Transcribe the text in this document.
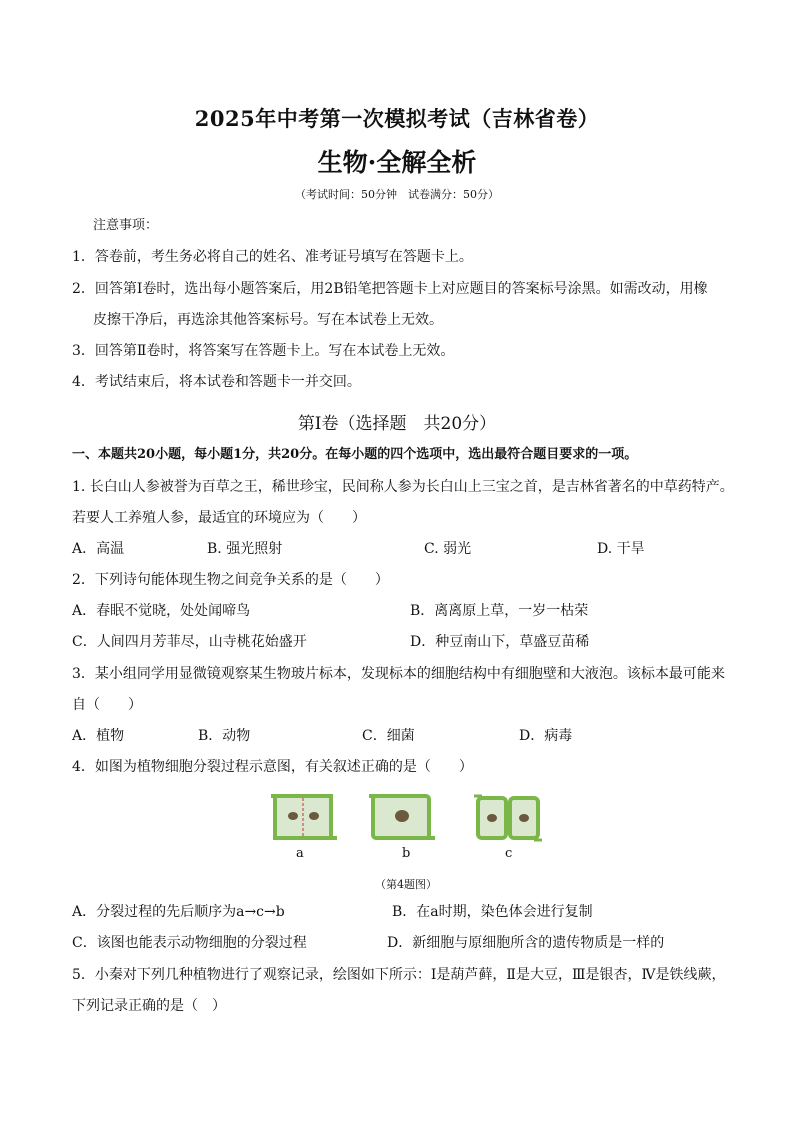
2025年中考第一次模拟考试（吉林省卷）
生物·全解全析
（考试时间：50分钟　试卷满分：50分）
注意事项：
1．答卷前，考生务必将自己的姓名、准考证号填写在答题卡上。
2．回答第Ⅰ卷时，选出每小题答案后，用2B铅笔把答题卡上对应题目的答案标号涂黑。如需改动，用橡
皮擦干净后，再选涂其他答案标号。写在本试卷上无效。
3．回答第Ⅱ卷时，将答案写在答题卡上。写在本试卷上无效。
4．考试结束后，将本试卷和答题卡一并交回。
第Ⅰ卷（选择题　共20分）
一、本题共20小题，每小题1分，共20分。在每小题的四个选项中，选出最符合题目要求的一项。
1. 长白山人参被誉为百草之王，稀世珍宝，民间称人参为长白山上三宝之首，是吉林省著名的中草药特产。
若要人工养殖人参，最适宜的环境应为（　　）
A．高温	B. 强光照射	C. 弱光	D. 干旱
2．下列诗句能体现生物之间竞争关系的是（　　）
A．春眠不觉晓，处处闻啼鸟	B．离离原上草，一岁一枯荣
C．人间四月芳菲尽，山寺桃花始盛开	D．种豆南山下，草盛豆苗稀
3．某小组同学用显微镜观察某生物玻片标本，发现标本的细胞结构中有细胞壁和大液泡。该标本最可能来
自（　　）
A．植物	B．动物	C．细菌	D．病毒
4．如图为植物细胞分裂过程示意图，有关叙述正确的是（　　）
a	b	c
（第4题图）
A．分裂过程的先后顺序为a→c→b	B．在a时期，染色体会进行复制
C．该图也能表示动物细胞的分裂过程	D．新细胞与原细胞所含的遗传物质是一样的
5．小秦对下列几种植物进行了观察记录，绘图如下所示：Ⅰ是葫芦藓，Ⅱ是大豆，Ⅲ是银杏，Ⅳ是铁线蕨，
下列记录正确的是（　）
